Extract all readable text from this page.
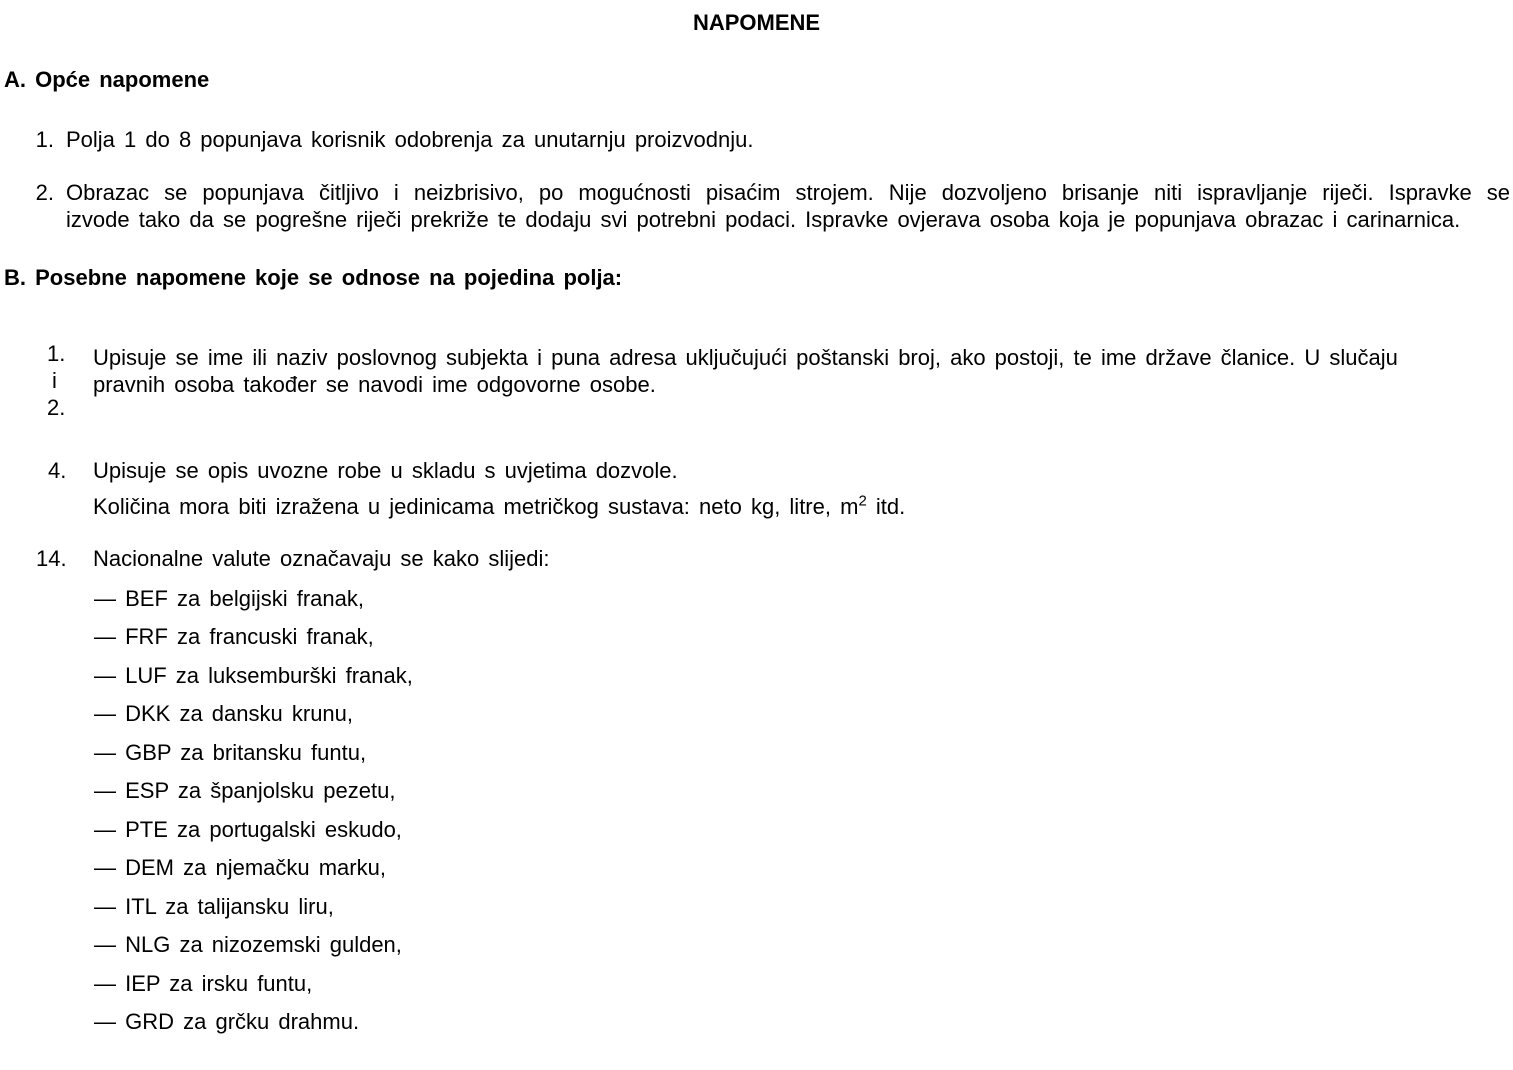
NAPOMENE
A. Opće napomene
1. Polja 1 do 8 popunjava korisnik odobrenja za unutarnju proizvodnju.
2. Obrazac se popunjava čitljivo i neizbrisivo, po mogućnosti pisaćim strojem. Nije dozvoljeno brisanje niti ispravljanje riječi. Ispravke se
izvode tako da se pogrešne riječi prekriže te dodaju svi potrebni podaci. Ispravke ovjerava osoba koja je popunjava obrazac i carinarnica.
B. Posebne napomene koje se odnose na pojedina polja:
1.
i
2.
Upisuje se ime ili naziv poslovnog subjekta i puna adresa uključujući poštanski broj, ako postoji, te ime države članice. U slučaju
pravnih osoba također se navodi ime odgovorne osobe.
4. Upisuje se opis uvozne robe u skladu s uvjetima dozvole.
Količina mora biti izražena u jedinicama metričkog sustava: neto kg, litre, $m^2$ itd.
14. Nacionalne valute označavaju se kako slijedi:
— BEF za belgijski franak,
— FRF za francuski franak,
— LUF za luksemburški franak,
— DKK za dansku krunu,
— GBP za britansku funtu,
— ESP za španjolsku pezetu,
— PTE za portugalski eskudo,
— DEM za njemačku marku,
— ITL za talijansku liru,
— NLG za nizozemski gulden,
— IEP za irsku funtu,
— GRD za grčku drahmu.
